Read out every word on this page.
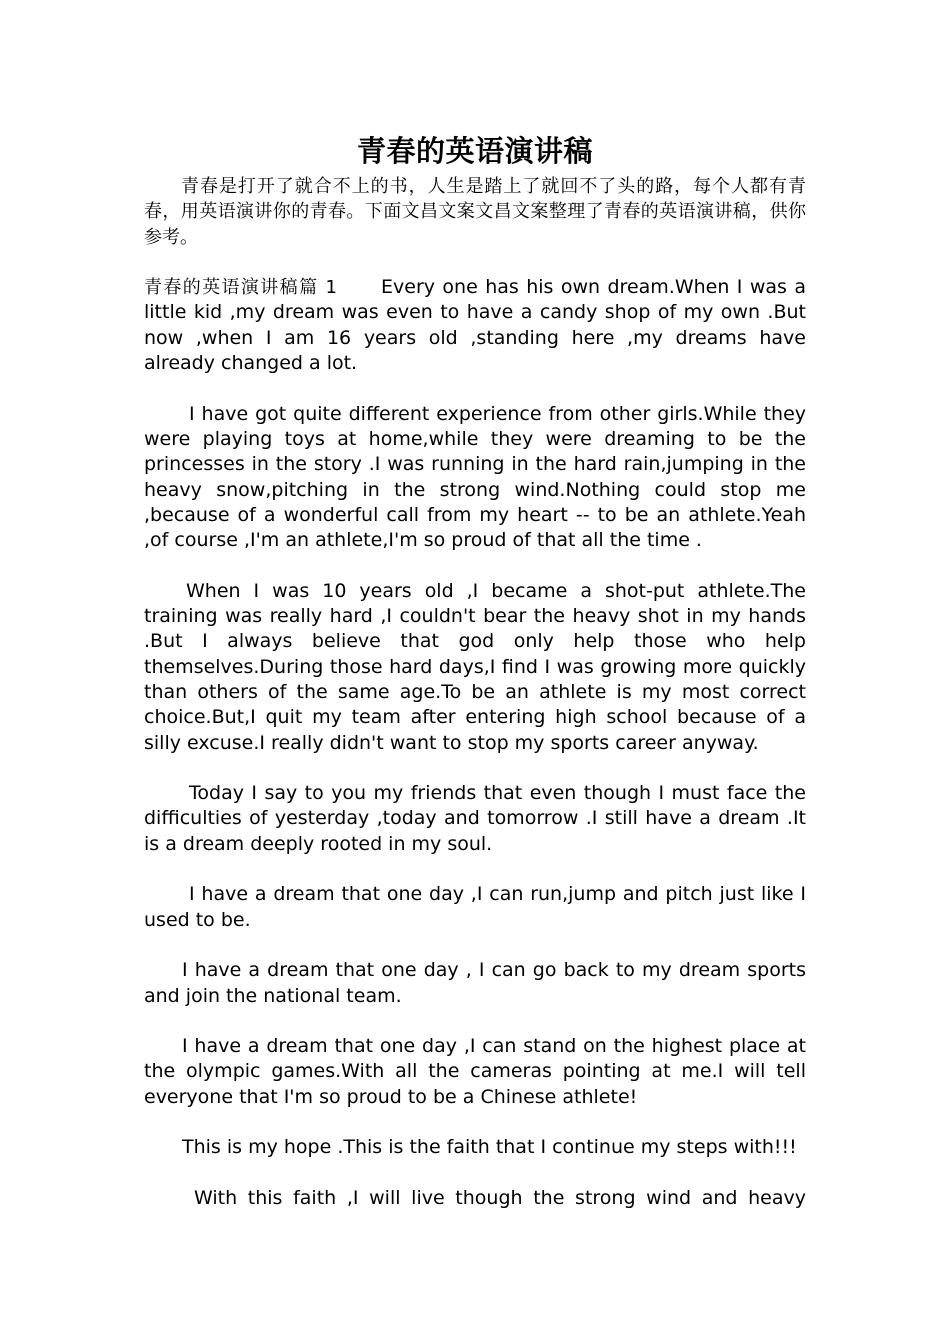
青春的英语演讲稿

青春是打开了就合不上的书，人生是踏上了就回不了头的路，每个人都有青春，用英语演讲你的青春。下面文昌文案文昌文案整理了青春的英语演讲稿，供你参考。

青春的英语演讲稿篇 1 Every one has his own dream.When I was a little kid ,my dream was even to have a candy shop of my own .But now ,when I am 16 years old ,standing here ,my dreams have already changed a lot.

I have got quite different experience from other girls.While they were playing toys at home,while they were dreaming to be the princesses in the story .I was running in the hard rain,jumping in the heavy snow,pitching in the strong wind.Nothing could stop me ,because of a wonderful call from my heart -- to be an athlete.Yeah ,of course ,I'm an athlete,I'm so proud of that all the time .

When I was 10 years old ,I became a shot-put athlete.The training was really hard ,I couldn't bear the heavy shot in my hands .But I always believe that god only help those who help themselves.During those hard days,I find I was growing more quickly than others of the same age.To be an athlete is my most correct choice.But,I quit my team after entering high school because of a silly excuse.I really didn't want to stop my sports career anyway.

Today I say to you my friends that even though I must face the difficulties of yesterday ,today and tomorrow .I still have a dream .It is a dream deeply rooted in my soul.

I have a dream that one day ,I can run,jump and pitch just like I used to be.

I have a dream that one day , I can go back to my dream sports and join the national team.

I have a dream that one day ,I can stand on the highest place at the olympic games.With all the cameras pointing at me.I will tell everyone that I'm so proud to be a Chinese athlete!

This is my hope .This is the faith that I continue my steps with!!!

With this faith ,I will live though the strong wind and heavy
